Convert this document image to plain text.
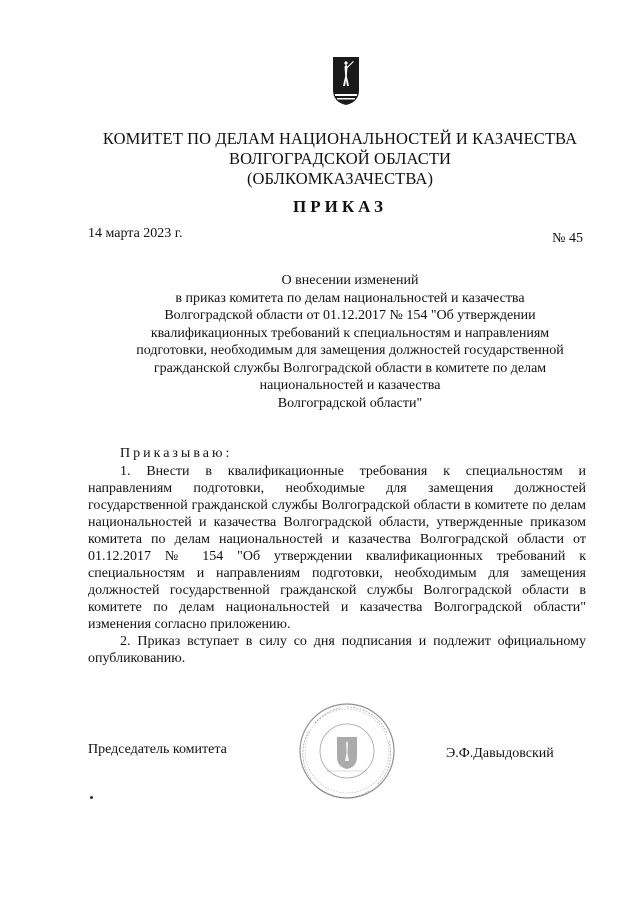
КОМИТЕТ ПО ДЕЛАМ НАЦИОНАЛЬНОСТЕЙ И КАЗАЧЕСТВА
ВОЛГОГРАДСКОЙ ОБЛАСТИ
(ОБЛКОМКАЗАЧЕСТВА)
ПРИКАЗ
14 марта 2023 г.	№ 45
О внесении изменений
в приказ комитета по делам национальностей и казачества
Волгоградской области от 01.12.2017 № 154 "Об утверждении
квалификационных требований к специальностям и направлениям
подготовки, необходимым для замещения должностей государственной
гражданской службы Волгоградской области в комитете по делам
национальностей и казачества
Волгоградской области"
Приказываю:

1. Внести в квалификационные требования к специальностям и направлениям подготовки, необходимые для замещения должностей государственной гражданской службы Волгоградской области в комитете по делам национальностей и казачества Волгоградской области, утвержденные приказом комитета по делам национальностей и казачества Волгоградской области от 01.12.2017 № 154 "Об утверждении квалификационных требований к специальностям и направлениям подготовки, необходимым для замещения должностей государственной гражданской службы Волгоградской области в комитете по делам национальностей и казачества Волгоградской области" изменения согласно приложению.

2. Приказ вступает в силу со дня подписания и подлежит официальному опубликованию.

Председатель комитета	Э.Ф.Давыдовский
